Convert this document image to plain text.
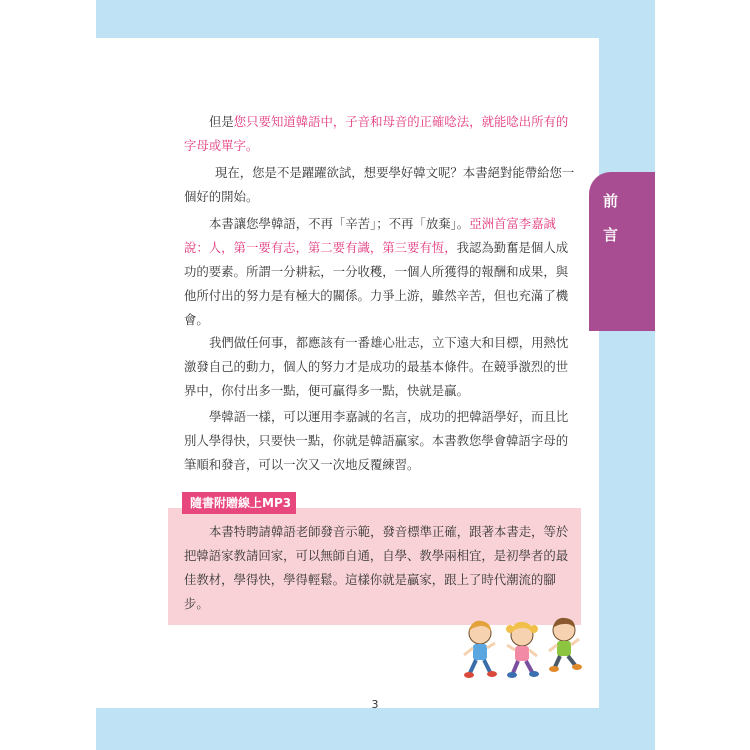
前
言

但是您只要知道韓語中，子音和母音的正確唸法，就能唸出所有的字母或單字。

現在，您是不是躍躍欲試，想要學好韓文呢？本書絕對能帶給您一個好的開始。

本書讓您學韓語，不再「辛苦」；不再「放棄」。亞洲首富李嘉誠說：人，第一要有志，第二要有識，第三要有恆，我認為勤奮是個人成功的要素。所謂一分耕耘，一分收穫，一個人所獲得的報酬和成果，與他所付出的努力是有極大的關係。力爭上游，雖然辛苦，但也充滿了機會。

我們做任何事，都應該有一番雄心壯志，立下遠大和目標，用熱忱激發自己的動力，個人的努力才是成功的最基本條件。在競爭激烈的世界中，你付出多一點，便可贏得多一點，快就是贏。

學韓語一樣，可以運用李嘉誠的名言，成功的把韓語學好，而且比別人學得快，只要快一點，你就是韓語贏家。本書教您學會韓語字母的筆順和發音，可以一次又一次地反覆練習。

隨書附贈線上MP3

本書特聘請韓語老師發音示範，發音標準正確，跟著本書走，等於把韓語家教請回家，可以無師自通，自學、教學兩相宜，是初學者的最佳教材，學得快，學得輕鬆。這樣你就是贏家，跟上了時代潮流的腳步。

3
